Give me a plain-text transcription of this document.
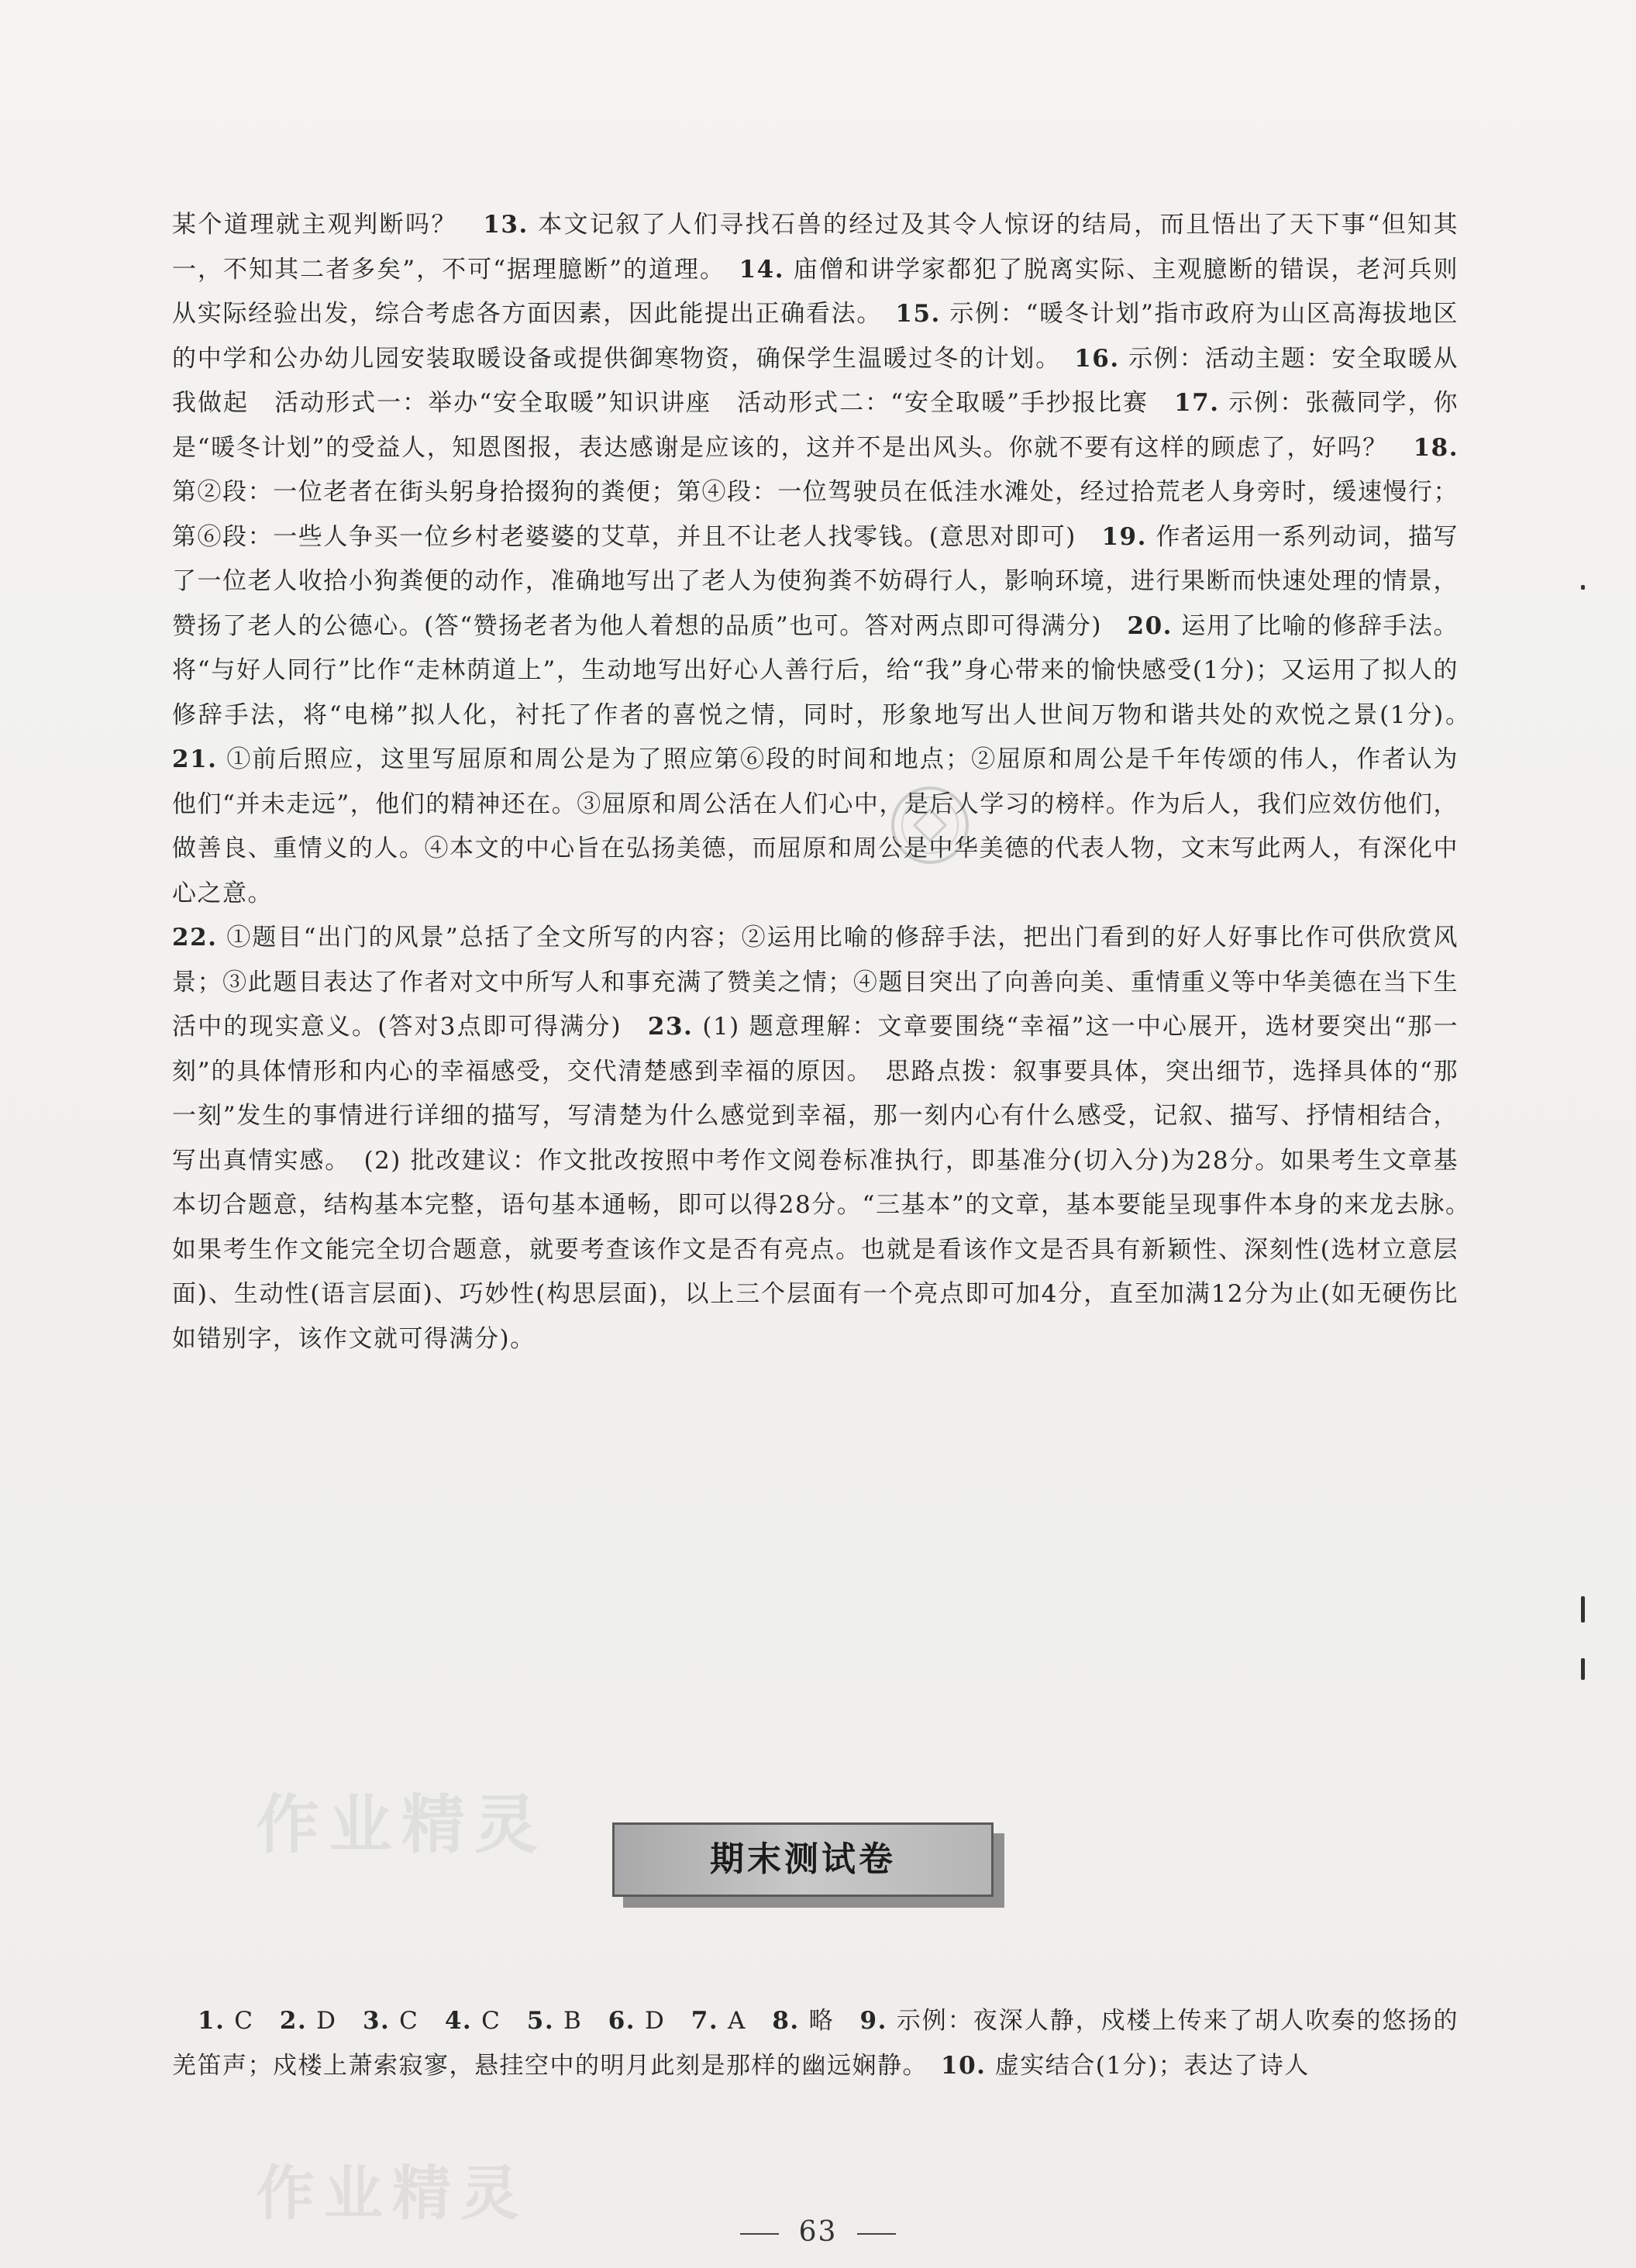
作业精灵
作业精灵

某个道理就主观判断吗？　13. 本文记叙了人们寻找石兽的经过及其令人惊讶的结局，而且悟出了天下事“但知其一，不知其二者多矣”，不可“据理臆断”的道理。　14. 庙僧和讲学家都犯了脱离实际、主观臆断的错误，老河兵则从实际经验出发，综合考虑各方面因素，因此能提出正确看法。　15. 示例：“暖冬计划”指市政府为山区高海拔地区的中学和公办幼儿园安装取暖设备或提供御寒物资，确保学生温暖过冬的计划。　16. 示例：活动主题：安全取暖从我做起　活动形式一：举办“安全取暖”知识讲座　活动形式二：“安全取暖”手抄报比赛　17. 示例：张薇同学，你是“暖冬计划”的受益人，知恩图报，表达感谢是应该的，这并不是出风头。你就不要有这样的顾虑了，好吗？　18. 第②段：一位老者在街头躬身拾掇狗的粪便；第④段：一位驾驶员在低洼水滩处，经过拾荒老人身旁时，缓速慢行；第⑥段：一些人争买一位乡村老婆婆的艾草，并且不让老人找零钱。(意思对即可)　19. 作者运用一系列动词，描写了一位老人收拾小狗粪便的动作，准确地写出了老人为使狗粪不妨碍行人，影响环境，进行果断而快速处理的情景，赞扬了老人的公德心。(答“赞扬老者为他人着想的品质”也可。答对两点即可得满分)　20. 运用了比喻的修辞手法。将“与好人同行”比作“走林荫道上”，生动地写出好心人善行后，给“我”身心带来的愉快感受(1分)；又运用了拟人的修辞手法，将“电梯”拟人化，衬托了作者的喜悦之情，同时，形象地写出人世间万物和谐共处的欢悦之景(1分)。　21. ①前后照应，这里写屈原和周公是为了照应第⑥段的时间和地点；②屈原和周公是千年传颂的伟人，作者认为他们“并未走远”，他们的精神还在。③屈原和周公活在人们心中，是后人学习的榜样。作为后人，我们应效仿他们，做善良、重情义的人。④本文的中心旨在弘扬美德，而屈原和周公是中华美德的代表人物，文末写此两人，有深化中心之意。

22. ①题目“出门的风景”总括了全文所写的内容；②运用比喻的修辞手法，把出门看到的好人好事比作可供欣赏风景；③此题目表达了作者对文中所写人和事充满了赞美之情；④题目突出了向善向美、重情重义等中华美德在当下生活中的现实意义。(答对3点即可得满分)　23. (1) 题意理解：文章要围绕“幸福”这一中心展开，选材要突出“那一刻”的具体情形和内心的幸福感受，交代清楚感到幸福的原因。　思路点拨：叙事要具体，突出细节，选择具体的“那一刻”发生的事情进行详细的描写，写清楚为什么感觉到幸福，那一刻内心有什么感受，记叙、描写、抒情相结合，写出真情实感。　(2) 批改建议：作文批改按照中考作文阅卷标准执行，即基准分(切入分)为28分。如果考生文章基本切合题意，结构基本完整，语句基本通畅，即可以得28分。“三基本”的文章，基本要能呈现事件本身的来龙去脉。　如果考生作文能完全切合题意，就要考查该作文是否有亮点。也就是看该作文是否具有新颖性、深刻性(选材立意层面)、生动性(语言层面)、巧妙性(构思层面)，以上三个层面有一个亮点即可加4分，直至加满12分为止(如无硬伤比如错别字，该作文就可得满分)。

期末测试卷

　1. C　2. D　3. C　4. C　5. B　6. D　7. A　8. 略　9. 示例：夜深人静，戍楼上传来了胡人吹奏的悠扬的羌笛声；戍楼上萧索寂寥，悬挂空中的明月此刻是那样的幽远娴静。　10. 虚实结合(1分)；表达了诗人

63
